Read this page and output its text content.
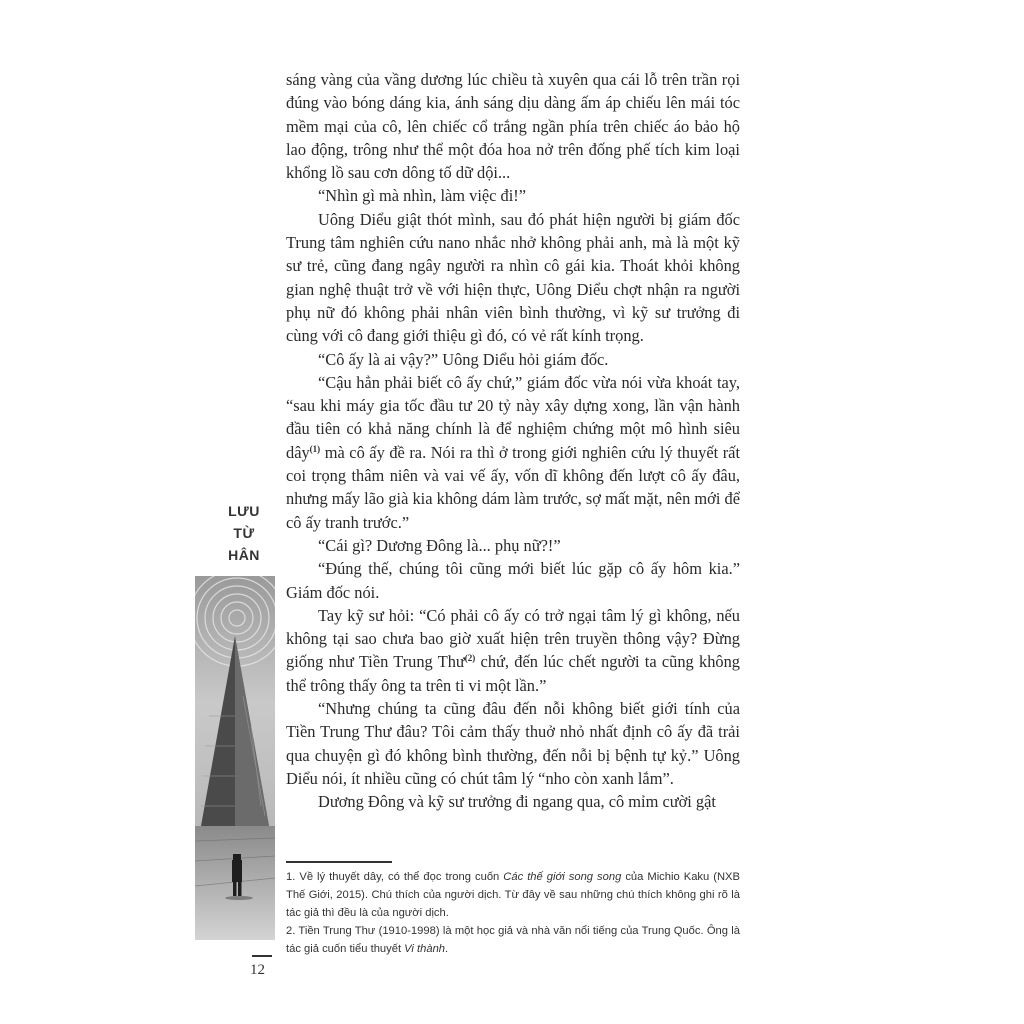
LƯU
TỪ
HÂN
12

sáng vàng của vầng dương lúc chiều tà xuyên qua cái lỗ trên trần rọi đúng vào bóng dáng kia, ánh sáng dịu dàng ấm áp chiếu lên mái tóc mềm mại của cô, lên chiếc cổ trắng ngần phía trên chiếc áo bảo hộ lao động, trông như thể một đóa hoa nở trên đống phế tích kim loại khổng lồ sau cơn dông tố dữ dội...

“Nhìn gì mà nhìn, làm việc đi!”

Uông Diểu giật thót mình, sau đó phát hiện người bị giám đốc Trung tâm nghiên cứu nano nhắc nhở không phải anh, mà là một kỹ sư trẻ, cũng đang ngây người ra nhìn cô gái kia. Thoát khỏi không gian nghệ thuật trở về với hiện thực, Uông Diểu chợt nhận ra người phụ nữ đó không phải nhân viên bình thường, vì kỹ sư trưởng đi cùng với cô đang giới thiệu gì đó, có vẻ rất kính trọng.

“Cô ấy là ai vậy?” Uông Diểu hỏi giám đốc.

“Cậu hẳn phải biết cô ấy chứ,” giám đốc vừa nói vừa khoát tay, “sau khi máy gia tốc đầu tư 20 tỷ này xây dựng xong, lần vận hành đầu tiên có khả năng chính là để nghiệm chứng một mô hình siêu dây$^{(1)}$ mà cô ấy đề ra. Nói ra thì ở trong giới nghiên cứu lý thuyết rất coi trọng thâm niên và vai vế ấy, vốn dĩ không đến lượt cô ấy đâu, nhưng mấy lão già kia không dám làm trước, sợ mất mặt, nên mới để cô ấy tranh trước.”

“Cái gì? Dương Đông là... phụ nữ?!”

“Đúng thế, chúng tôi cũng mới biết lúc gặp cô ấy hôm kia.” Giám đốc nói.

Tay kỹ sư hỏi: “Có phải cô ấy có trở ngại tâm lý gì không, nếu không tại sao chưa bao giờ xuất hiện trên truyền thông vậy? Đừng giống như Tiền Trung Thư$^{(2)}$ chứ, đến lúc chết người ta cũng không thể trông thấy ông ta trên ti vi một lần.”

“Nhưng chúng ta cũng đâu đến nỗi không biết giới tính của Tiền Trung Thư đâu? Tôi cảm thấy thuở nhỏ nhất định cô ấy đã trải qua chuyện gì đó không bình thường, đến nỗi bị bệnh tự kỷ.” Uông Diểu nói, ít nhiều cũng có chút tâm lý “nho còn xanh lắm”.

Dương Đông và kỹ sư trưởng đi ngang qua, cô mỉm cười gật

1. Về lý thuyết dây, có thể đọc trong cuốn Các thế giới song song của Michio Kaku (NXB Thế Giới, 2015). Chú thích của người dịch. Từ đây về sau những chú thích không ghi rõ là tác giả thì đều là của người dịch.

2. Tiền Trung Thư (1910-1998) là một học giả và nhà văn nổi tiếng của Trung Quốc. Ông là tác giả cuốn tiểu thuyết Vi thành.
